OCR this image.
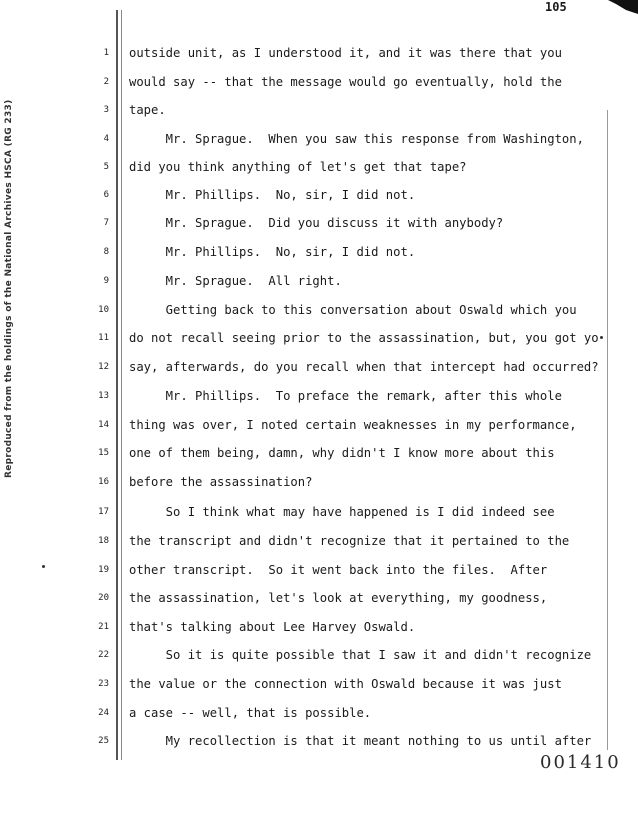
105
Reproduced from the holdings of the National Archives HSCA (RG 233)
1 outside unit, as I understood it, and it was there that you
2 would say -- that the message would go eventually, hold the
3 tape.
4 Mr. Sprague.  When you saw this response from Washington,
5 did you think anything of let's get that tape?
6 Mr. Phillips.  No, sir, I did not.
7 Mr. Sprague.  Did you discuss it with anybody?
8 Mr. Phillips.  No, sir, I did not.
9 Mr. Sprague.  All right.
10 Getting back to this conversation about Oswald which you
11 do not recall seeing prior to the assassination, but, you got yo
12 say, afterwards, do you recall when that intercept had occurred?
13 Mr. Phillips.  To preface the remark, after this whole
14 thing was over, I noted certain weaknesses in my performance,
15 one of them being, damn, why didn't I know more about this
16 before the assassination?
17 So I think what may have happened is I did indeed see
18 the transcript and didn't recognize that it pertained to the
19 other transcript.  So it went back into the files.  After
20 the assassination, let's look at everything, my goodness,
21 that's talking about Lee Harvey Oswald.
22 So it is quite possible that I saw it and didn't recognize
23 the value or the connection with Oswald because it was just
24 a case -- well, that is possible.
25 My recollection is that it meant nothing to us until after
001410
